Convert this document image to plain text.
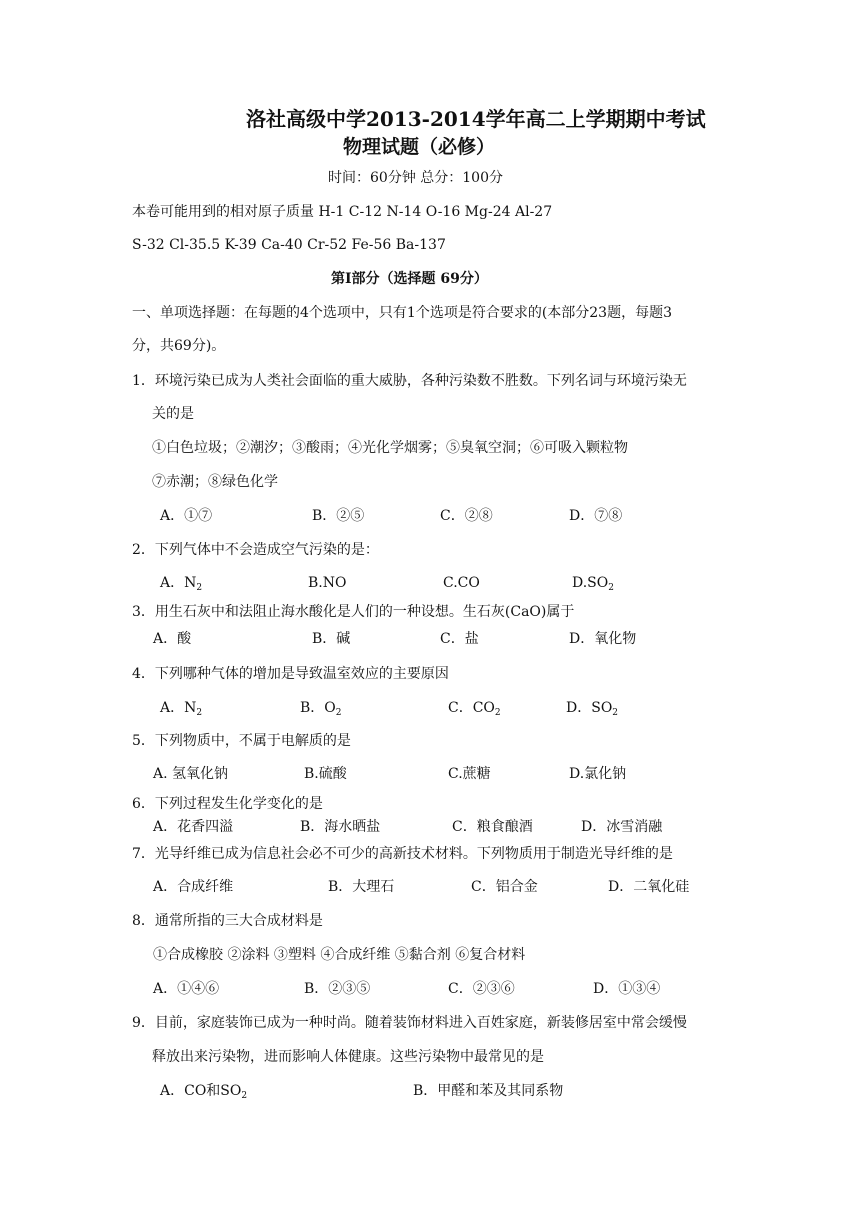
洛社高级中学2013-2014学年高二上学期期中考试
物理试题（必修）
时间：60分钟 总分：100分
本卷可能用到的相对原子质量 H-1 C-12 N-14 O-16 Mg-24 Al-27
S-32 Cl-35.5 K-39 Ca-40 Cr-52 Fe-56 Ba-137
第Ⅰ部分（选择题 69分）
一、单项选择题：在每题的4个选项中，只有1个选项是符合要求的(本部分23题，每题3
分，共69分)。
1．环境污染已成为人类社会面临的重大威胁，各种污染数不胜数。下列名词与环境污染无
关的是
①白色垃圾；②潮汐；③酸雨；④光化学烟雾；⑤臭氧空洞；⑥可吸入颗粒物
⑦赤潮；⑧绿色化学
A．①⑦	B．②⑤	C．②⑧	D．⑦⑧
2．下列气体中不会造成空气污染的是：
A．$N_2$	B.NO	C.CO	$D.SO_2$
3．用生石灰中和法阻止海水酸化是人们的一种设想。生石灰(CaO)属于
A．酸	B．碱	C．盐	D．氧化物
4．下列哪种气体的增加是导致温室效应的主要原因
A．$N_2$	B．$O_2$	C．$CO_2$	D．$SO_2$
5．下列物质中，不属于电解质的是
A. 氢氧化钠	B.硫酸	C.蔗糖	D.氯化钠
6．下列过程发生化学变化的是
A．花香四溢	B．海水晒盐	C．粮食酿酒	D．冰雪消融
7．光导纤维已成为信息社会必不可少的高新技术材料。下列物质用于制造光导纤维的是
A．合成纤维	B．大理石	C．铝合金	D．二氧化硅
8．通常所指的三大合成材料是
①合成橡胶 ②涂料 ③塑料 ④合成纤维 ⑤黏合剂 ⑥复合材料
A．①④⑥	B．②③⑤	C．②③⑥	D．①③④
9．目前，家庭装饰已成为一种时尚。随着装饰材料进入百姓家庭，新装修居室中常会缓慢
释放出来污染物，进而影响人体健康。这些污染物中最常见的是
A．CO和$SO_2$	B．甲醛和苯及其同系物
